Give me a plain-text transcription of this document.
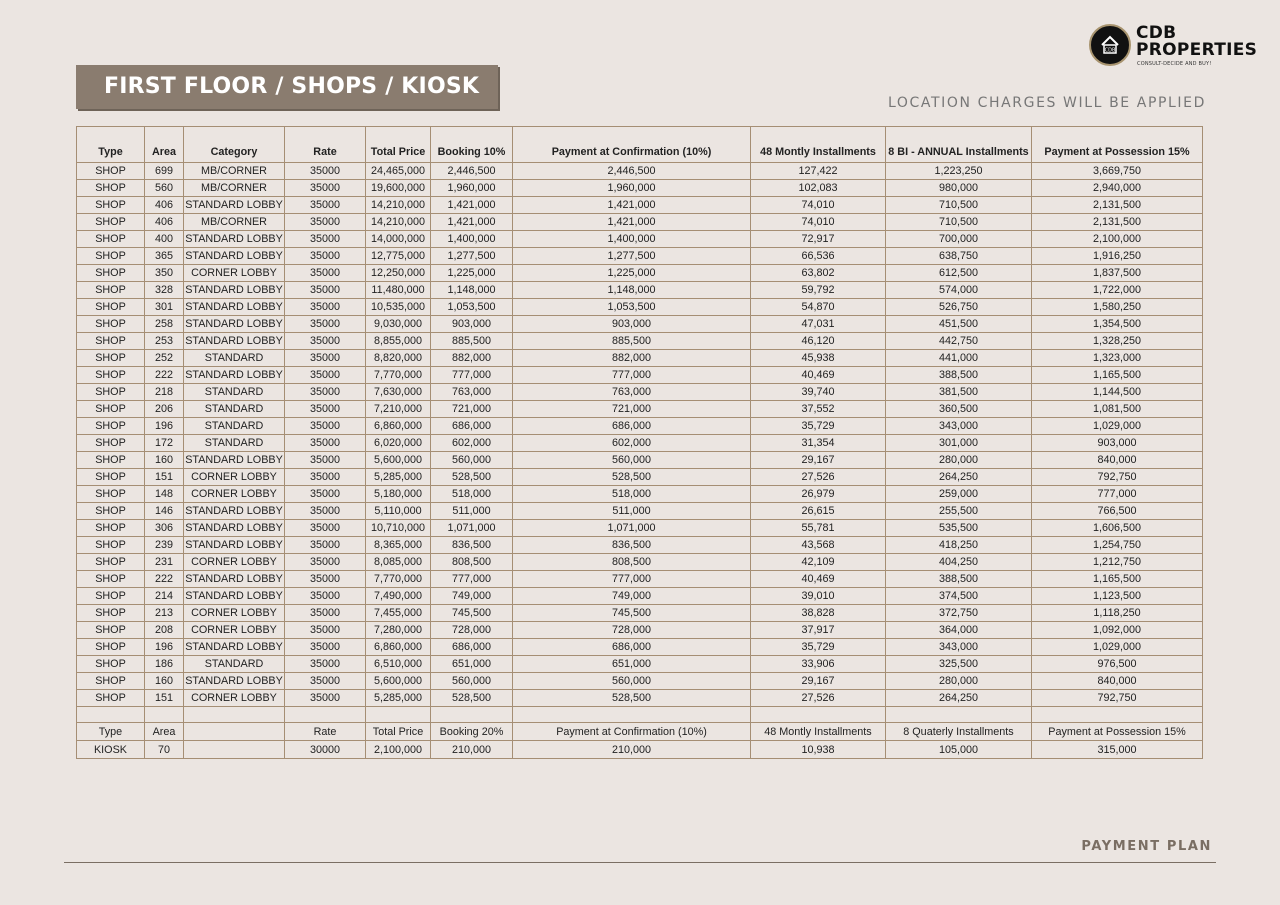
CDB
CDB
PROPERTIES
CONSULT-DECIDE AND BUY!
FIRST FLOOR / SHOPS / KIOSK
LOCATION CHARGES WILL BE APPLIED
Type	Area	Category	Rate	Total Price	Booking 10%	Payment at Confirmation (10%)	48 Montly Installments	8 BI - ANNUAL Installments	Payment at Possession 15%
SHOP	699	MB/CORNER	35000	24,465,000	2,446,500	2,446,500	127,422	1,223,250	3,669,750
SHOP	560	MB/CORNER	35000	19,600,000	1,960,000	1,960,000	102,083	980,000	2,940,000
SHOP	406	STANDARD LOBBY	35000	14,210,000	1,421,000	1,421,000	74,010	710,500	2,131,500
SHOP	406	MB/CORNER	35000	14,210,000	1,421,000	1,421,000	74,010	710,500	2,131,500
SHOP	400	STANDARD LOBBY	35000	14,000,000	1,400,000	1,400,000	72,917	700,000	2,100,000
SHOP	365	STANDARD LOBBY	35000	12,775,000	1,277,500	1,277,500	66,536	638,750	1,916,250
SHOP	350	CORNER LOBBY	35000	12,250,000	1,225,000	1,225,000	63,802	612,500	1,837,500
SHOP	328	STANDARD LOBBY	35000	11,480,000	1,148,000	1,148,000	59,792	574,000	1,722,000
SHOP	301	STANDARD LOBBY	35000	10,535,000	1,053,500	1,053,500	54,870	526,750	1,580,250
SHOP	258	STANDARD LOBBY	35000	9,030,000	903,000	903,000	47,031	451,500	1,354,500
SHOP	253	STANDARD LOBBY	35000	8,855,000	885,500	885,500	46,120	442,750	1,328,250
SHOP	252	STANDARD	35000	8,820,000	882,000	882,000	45,938	441,000	1,323,000
SHOP	222	STANDARD LOBBY	35000	7,770,000	777,000	777,000	40,469	388,500	1,165,500
SHOP	218	STANDARD	35000	7,630,000	763,000	763,000	39,740	381,500	1,144,500
SHOP	206	STANDARD	35000	7,210,000	721,000	721,000	37,552	360,500	1,081,500
SHOP	196	STANDARD	35000	6,860,000	686,000	686,000	35,729	343,000	1,029,000
SHOP	172	STANDARD	35000	6,020,000	602,000	602,000	31,354	301,000	903,000
SHOP	160	STANDARD LOBBY	35000	5,600,000	560,000	560,000	29,167	280,000	840,000
SHOP	151	CORNER LOBBY	35000	5,285,000	528,500	528,500	27,526	264,250	792,750
SHOP	148	CORNER LOBBY	35000	5,180,000	518,000	518,000	26,979	259,000	777,000
SHOP	146	STANDARD LOBBY	35000	5,110,000	511,000	511,000	26,615	255,500	766,500
SHOP	306	STANDARD LOBBY	35000	10,710,000	1,071,000	1,071,000	55,781	535,500	1,606,500
SHOP	239	STANDARD LOBBY	35000	8,365,000	836,500	836,500	43,568	418,250	1,254,750
SHOP	231	CORNER LOBBY	35000	8,085,000	808,500	808,500	42,109	404,250	1,212,750
SHOP	222	STANDARD LOBBY	35000	7,770,000	777,000	777,000	40,469	388,500	1,165,500
SHOP	214	STANDARD LOBBY	35000	7,490,000	749,000	749,000	39,010	374,500	1,123,500
SHOP	213	CORNER LOBBY	35000	7,455,000	745,500	745,500	38,828	372,750	1,118,250
SHOP	208	CORNER LOBBY	35000	7,280,000	728,000	728,000	37,917	364,000	1,092,000
SHOP	196	STANDARD LOBBY	35000	6,860,000	686,000	686,000	35,729	343,000	1,029,000
SHOP	186	STANDARD	35000	6,510,000	651,000	651,000	33,906	325,500	976,500
SHOP	160	STANDARD LOBBY	35000	5,600,000	560,000	560,000	29,167	280,000	840,000
SHOP	151	CORNER LOBBY	35000	5,285,000	528,500	528,500	27,526	264,250	792,750

Type	Area		Rate	Total Price	Booking 20%	Payment at Confirmation (10%)	48 Montly Installments	8 Quaterly Installments	Payment at Possession 15%
KIOSK	70		30000	2,100,000	210,000	210,000	10,938	105,000	315,000
PAYMENT PLAN
